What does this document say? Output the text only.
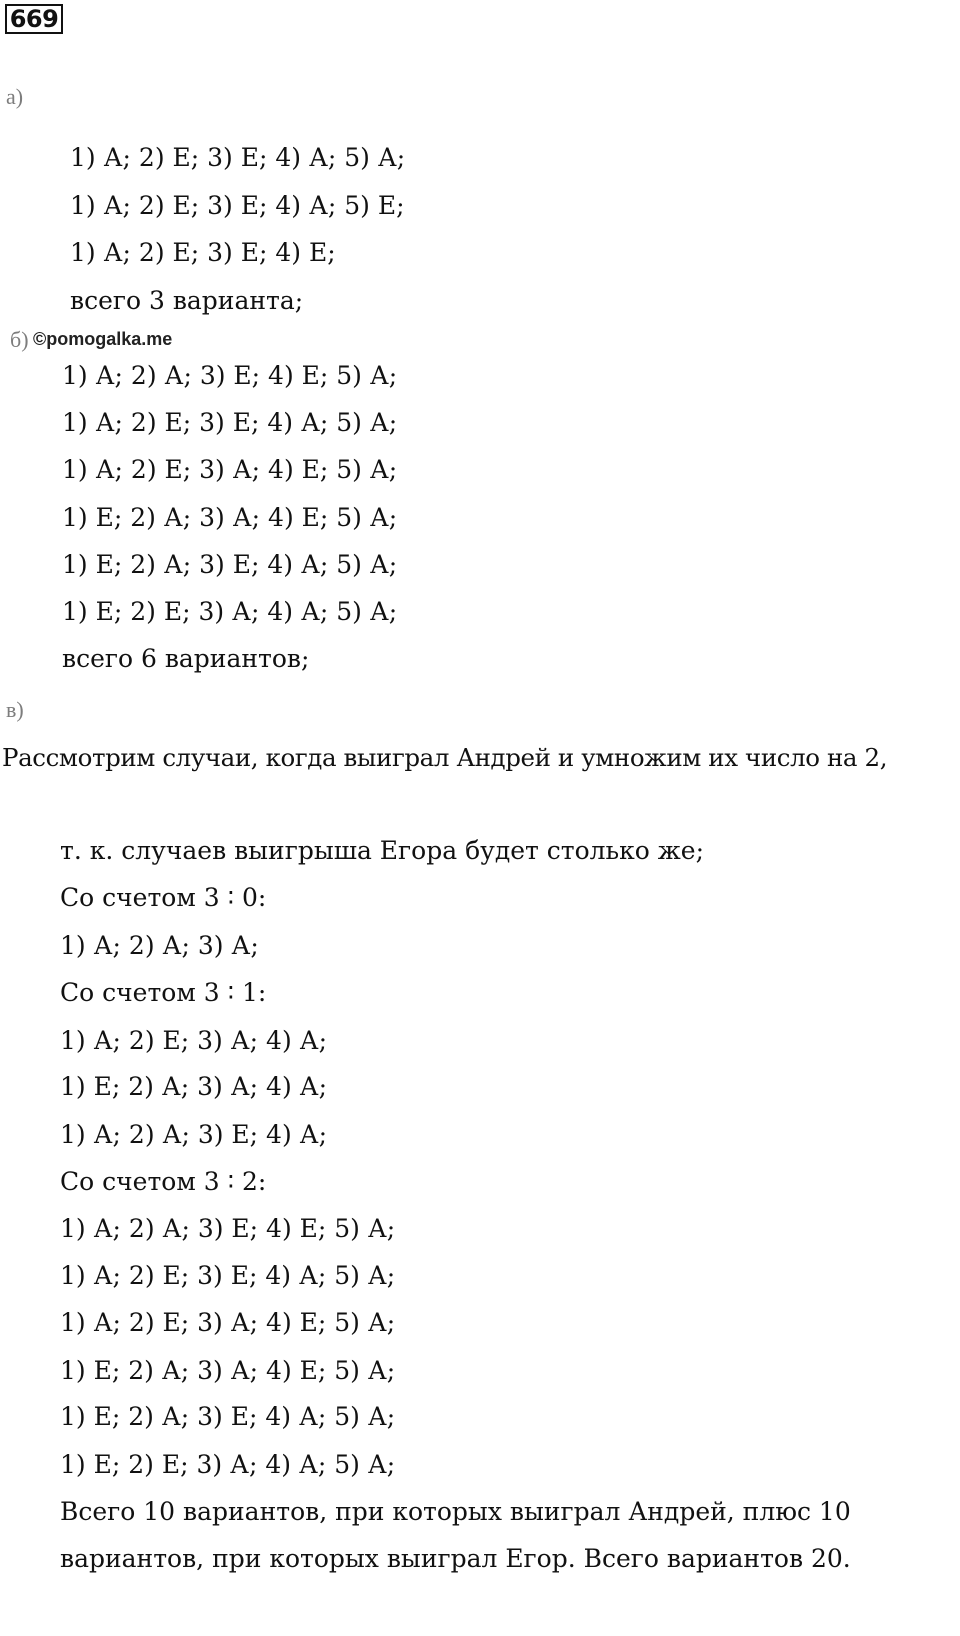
669
а)
1) А; 2) Е; 3) Е; 4) А; 5) А;
1) А; 2) Е; 3) Е; 4) А; 5) Е;
1) А; 2) Е; 3) Е; 4) Е;
всего 3 варианта;
б) ©pomogalka.me
1) А; 2) А; 3) Е; 4) Е; 5) А;
1) А; 2) Е; 3) Е; 4) А; 5) А;
1) А; 2) Е; 3) А; 4) Е; 5) А;
1) Е; 2) А; 3) А; 4) Е; 5) А;
1) Е; 2) А; 3) Е; 4) А; 5) А;
1) Е; 2) Е; 3) А; 4) А; 5) А;
всего 6 вариантов;
в)
Рассмотрим случаи, когда выиграл Андрей и умножим их число на 2,
т. к. случаев выигрыша Егора будет столько же;
Со счетом 3 ∶ 0:
1) А; 2) А; 3) А;
Со счетом 3 ∶ 1:
1) А; 2) Е; 3) А; 4) А;
1) Е; 2) А; 3) А; 4) А;
1) А; 2) А; 3) Е; 4) А;
Со счетом 3 ∶ 2:
1) А; 2) А; 3) Е; 4) Е; 5) А;
1) А; 2) Е; 3) Е; 4) А; 5) А;
1) А; 2) Е; 3) А; 4) Е; 5) А;
1) Е; 2) А; 3) А; 4) Е; 5) А;
1) Е; 2) А; 3) Е; 4) А; 5) А;
1) Е; 2) Е; 3) А; 4) А; 5) А;
Всего 10 вариантов, при которых выиграл Андрей, плюс 10
вариантов, при которых выиграл Егор. Всего вариантов 20.
